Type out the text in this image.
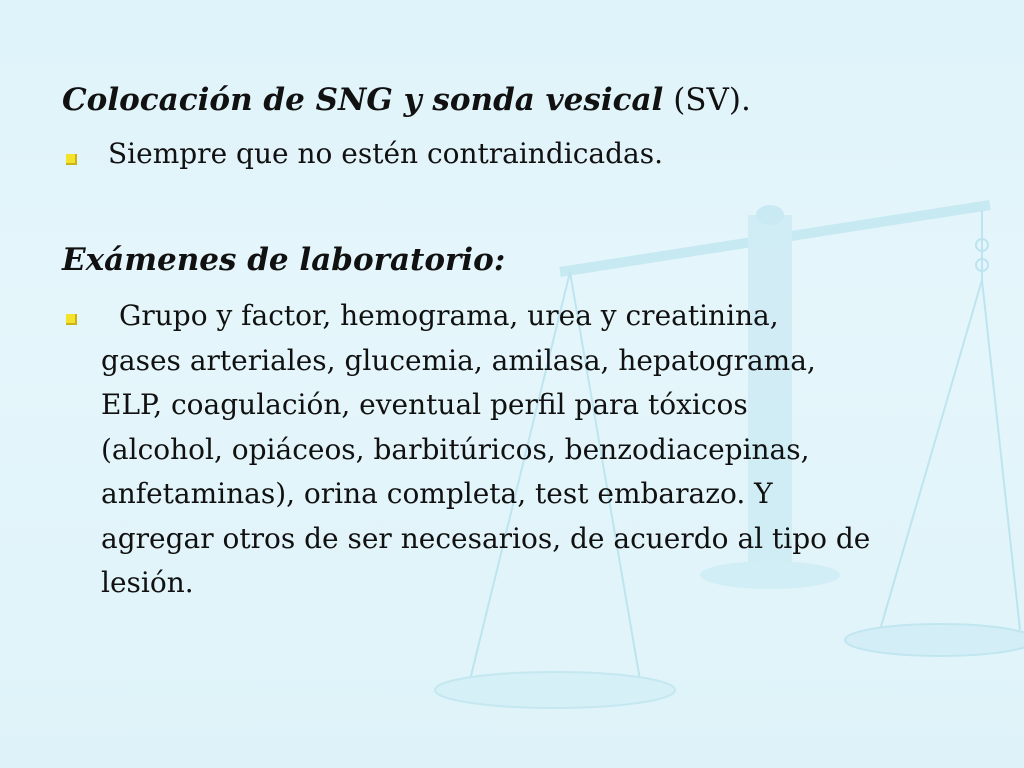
Colocación de SNG y sonda vesical (SV).
Siempre que no estén contraindicadas.
Exámenes de laboratorio:
Grupo y factor, hemograma, urea y creatinina,
gases arteriales, glucemia, amilasa, hepatograma,
ELP, coagulación, eventual perfil para tóxicos
(alcohol, opiáceos, barbitúricos, benzodiacepinas,
anfetaminas), orina completa, test embarazo. Y
agregar otros de ser necesarios, de acuerdo al tipo de
lesión.
